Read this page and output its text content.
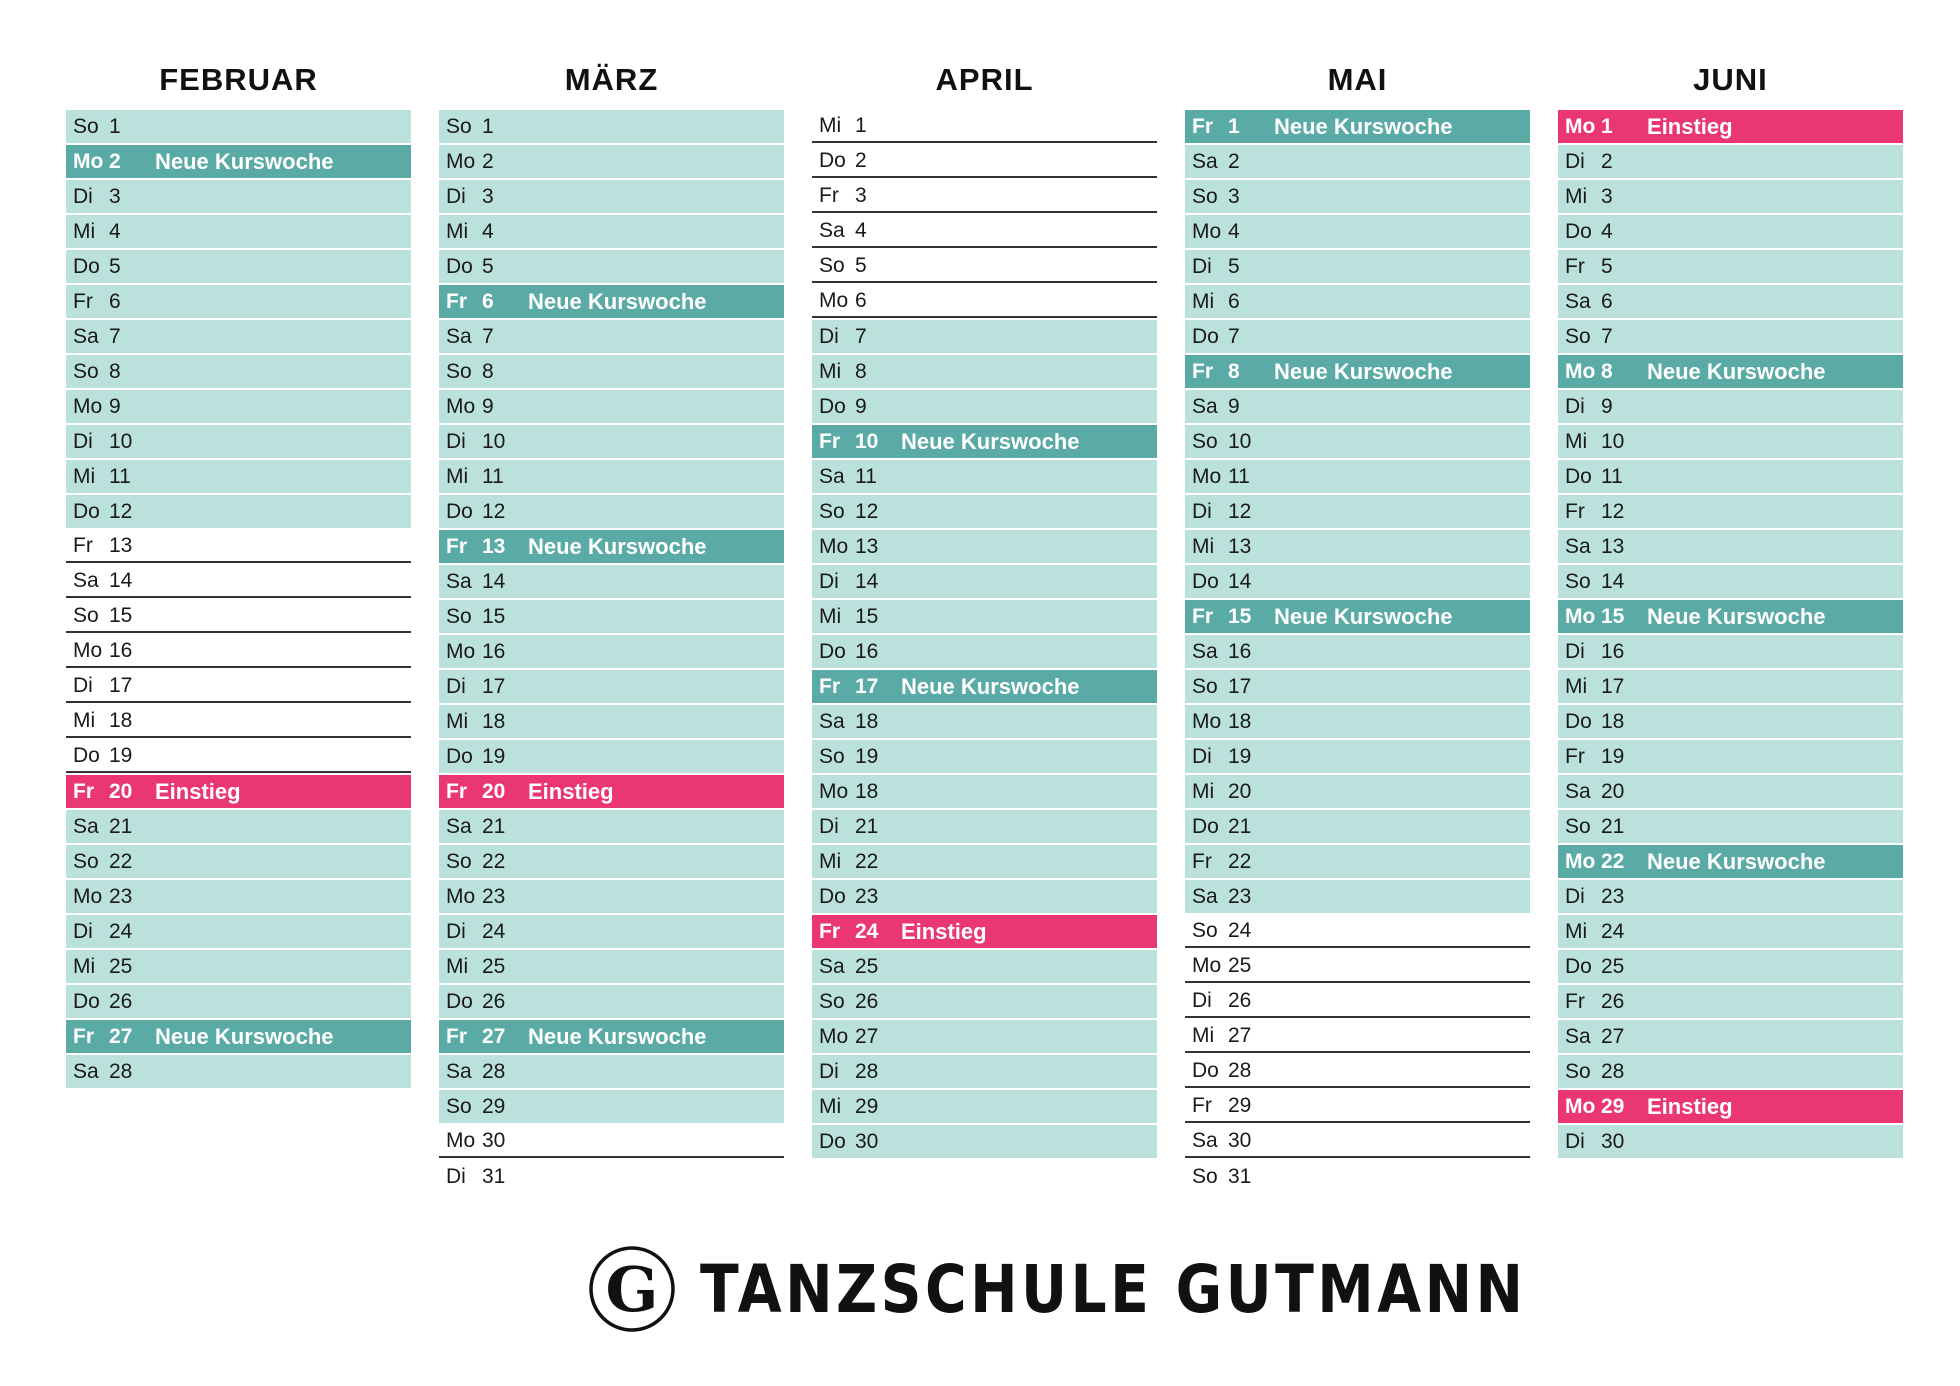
FEBRUAR
So 1
Mo 2	Neue Kurswoche
Di 3
Mi 4
Do 5
Fr 6
Sa 7
So 8
Mo 9
Di 10
Mi 11
Do 12
Fr 13
Sa 14
So 15
Mo 16
Di 17
Mi 18
Do 19
Fr 20	Einstieg
Sa 21
So 22
Mo 23
Di 24
Mi 25
Do 26
Fr 27	Neue Kurswoche
Sa 28
MÄRZ
So 1
Mo 2
Di 3
Mi 4
Do 5
Fr 6	Neue Kurswoche
Sa 7
So 8
Mo 9
Di 10
Mi 11
Do 12
Fr 13	Neue Kurswoche
Sa 14
So 15
Mo 16
Di 17
Mi 18
Do 19
Fr 20	Einstieg
Sa 21
So 22
Mo 23
Di 24
Mi 25
Do 26
Fr 27	Neue Kurswoche
Sa 28
So 29
Mo 30
Di 31
APRIL
Mi 1
Do 2
Fr 3
Sa 4
So 5
Mo 6
Di 7
Mi 8
Do 9
Fr 10	Neue Kurswoche
Sa 11
So 12
Mo 13
Di 14
Mi 15
Do 16
Fr 17	Neue Kurswoche
Sa 18
So 19
Mo 18
Di 21
Mi 22
Do 23
Fr 24	Einstieg
Sa 25
So 26
Mo 27
Di 28
Mi 29
Do 30
MAI
Fr 1	Neue Kurswoche
Sa 2
So 3
Mo 4
Di 5
Mi 6
Do 7
Fr 8	Neue Kurswoche
Sa 9
So 10
Mo 11
Di 12
Mi 13
Do 14
Fr 15	Neue Kurswoche
Sa 16
So 17
Mo 18
Di 19
Mi 20
Do 21
Fr 22
Sa 23
So 24
Mo 25
Di 26
Mi 27
Do 28
Fr 29
Sa 30
So 31
JUNI
Mo 1	Einstieg
Di 2
Mi 3
Do 4
Fr 5
Sa 6
So 7
Mo 8	Neue Kurswoche
Di 9
Mi 10
Do 11
Fr 12
Sa 13
So 14
Mo 15	Neue Kurswoche
Di 16
Mi 17
Do 18
Fr 19
Sa 20
So 21
Mo 22	Neue Kurswoche
Di 23
Mi 24
Do 25
Fr 26
Sa 27
So 28
Mo 29	Einstieg
Di 30
G TANZSCHULE GUTMANN
